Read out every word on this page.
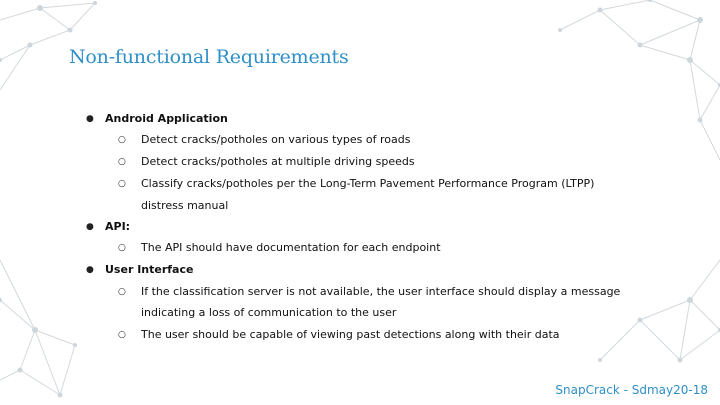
Non-functional Requirements
● Android Application
○ Detect cracks/potholes on various types of roads
○ Detect cracks/potholes at multiple driving speeds
○ Classify cracks/potholes per the Long-Term Pavement Performance Program (LTPP)
distress manual
● API:
○ The API should have documentation for each endpoint
● User Interface
○ If the classification server is not available, the user interface should display a message
indicating a loss of communication to the user
○ The user should be capable of viewing past detections along with their data
SnapCrack - Sdmay20-18
